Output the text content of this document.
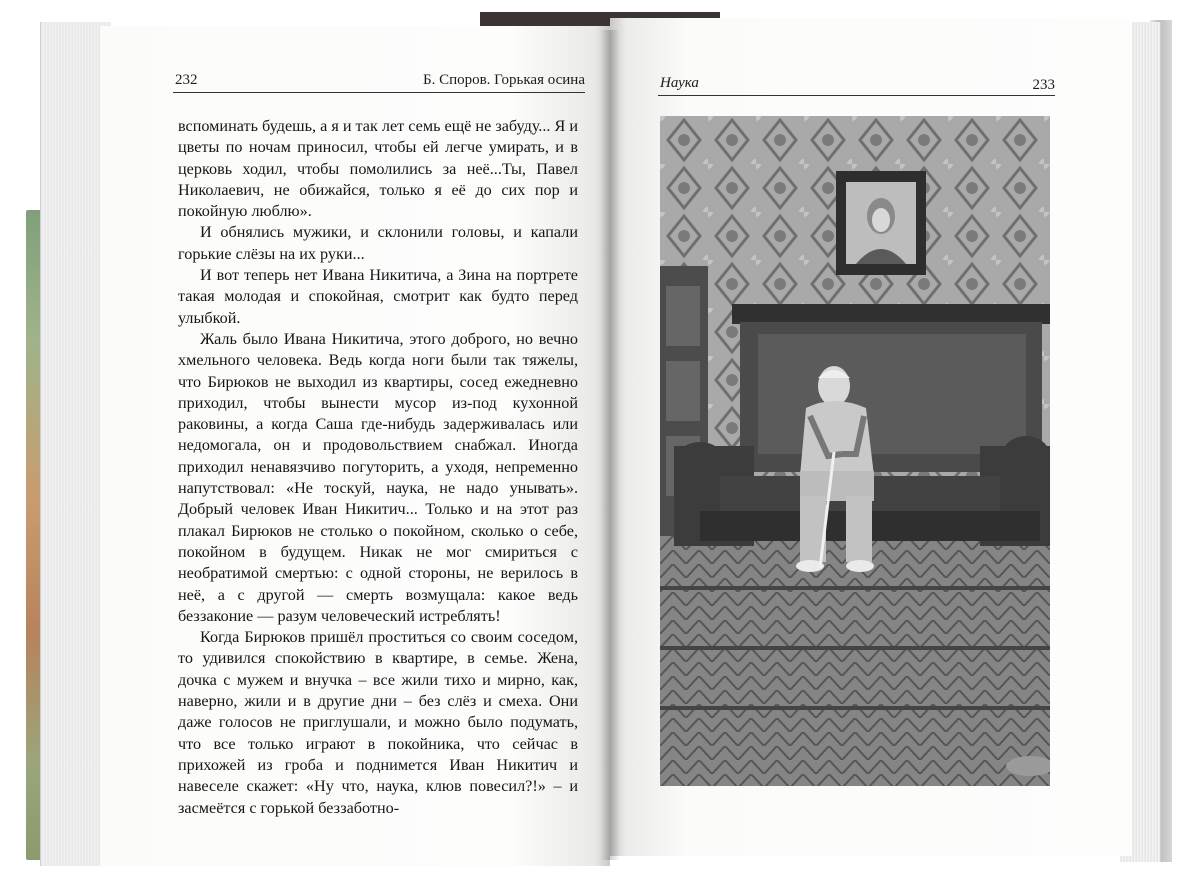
232	Б. Споров. Горькая осина	Наука	233

вспоминать будешь, а я и так лет семь ещё не забуду... Я и цветы по ночам приносил, чтобы ей легче умирать, и в церковь ходил, чтобы помолились за неё...Ты, Павел Николаевич, не обижайся, только я её до сих пор и покойную люблю».

И обнялись мужики, и склонили головы, и капали горькие слёзы на их руки...

И вот теперь нет Ивана Никитича, а Зина на портрете такая молодая и спокойная, смотрит как будто перед улыбкой.

Жаль было Ивана Никитича, этого доброго, но вечно хмельного человека. Ведь когда ноги были так тяжелы, что Бирюков не выходил из квартиры, сосед ежедневно приходил, чтобы вынести мусор из-под кухонной раковины, а когда Саша где-нибудь задерживалась или недомогала, он и продовольствием снабжал. Иногда приходил ненавязчиво погуторить, а уходя, непременно напутствовал: «Не тоскуй, наука, не надо унывать». Добрый человек Иван Никитич... Только и на этот раз плакал Бирюков не столько о покойном, сколько о себе, покойном в будущем. Никак не мог смириться с необратимой смертью: с одной стороны, не верилось в неё, а с другой — смерть возмущала: какое ведь беззаконие — разум человеческий истреблять!

Когда Бирюков пришёл проститься со своим соседом, то удивился спокойствию в квартире, в семье. Жена, дочка с мужем и внучка – все жили тихо и мирно, как, наверно, жили и в другие дни – без слёз и смеха. Они даже голосов не приглушали, и можно было подумать, что все только играют в покойника, что сейчас в прихожей из гроба и поднимется Иван Никитич и навеселе скажет: «Ну что, наука, клюв повесил?!» – и засмеётся с горькой беззаботно-
